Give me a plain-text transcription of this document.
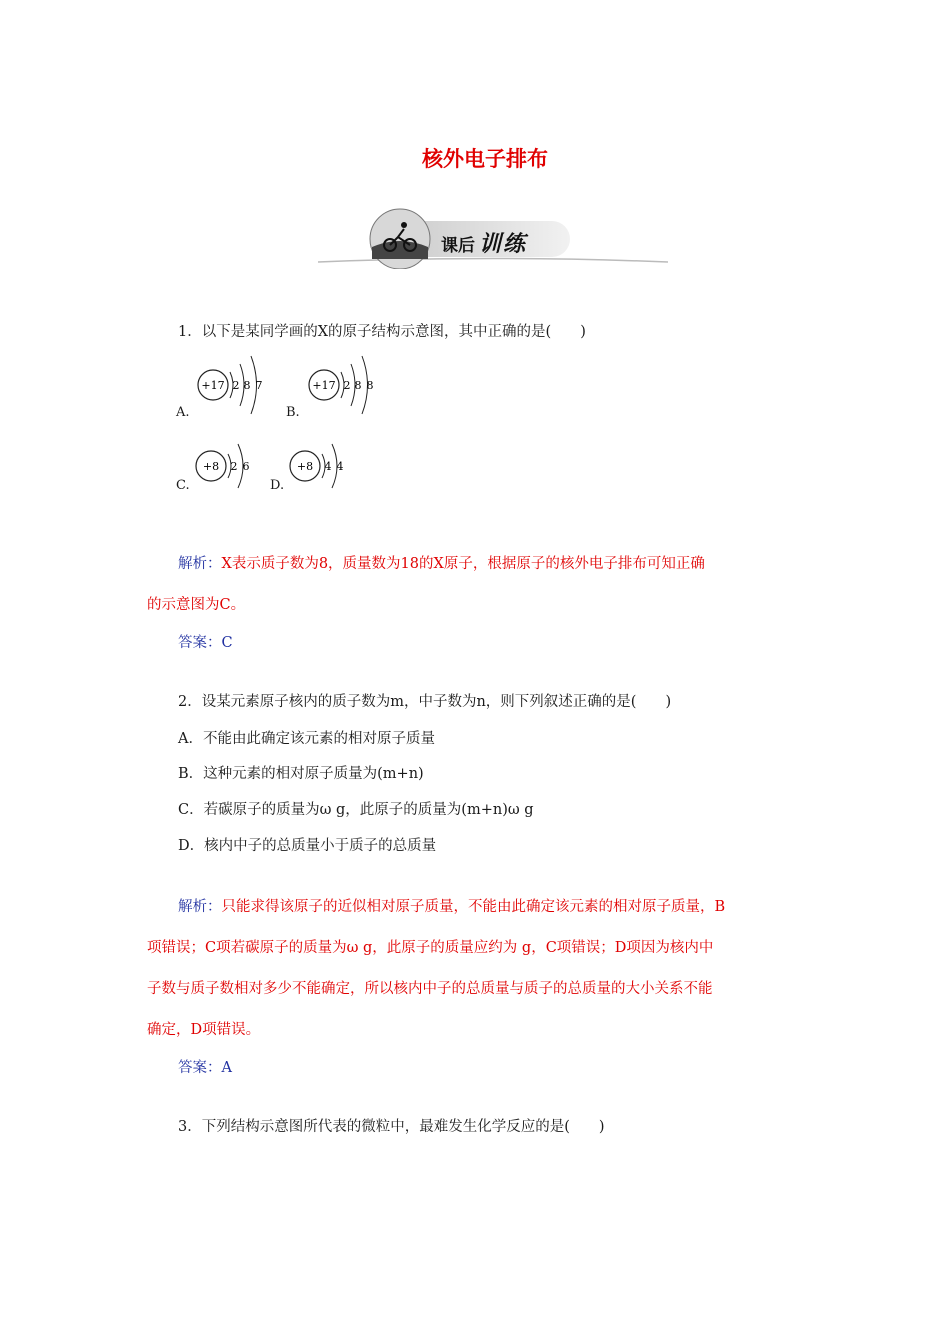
核外电子排布
课后 训练
1．以下是某同学画的X的原子结构示意图，其中正确的是(　　)
A.
+17 2 8 7
B.
+17 2 8 8
C.
+8 2 6
D.
+8 4 4
解析：X表示质子数为8，质量数为18的X原子，根据原子的核外电子排布可知正确
的示意图为C。
答案：C
2．设某元素原子核内的质子数为m，中子数为n，则下列叙述正确的是(　　)
A．不能由此确定该元素的相对原子质量
B．这种元素的相对原子质量为(m+n)
C．若碳原子的质量为ω g，此原子的质量为(m+n)ω g
D．核内中子的总质量小于质子的总质量
解析：只能求得该原子的近似相对原子质量，不能由此确定该元素的相对原子质量，B
项错误；C项若碳原子的质量为ω g，此原子的质量应约为 g，C项错误；D项因为核内中
子数与质子数相对多少不能确定，所以核内中子的总质量与质子的总质量的大小关系不能
确定，D项错误。
答案：A
3．下列结构示意图所代表的微粒中，最难发生化学反应的是(　　)
